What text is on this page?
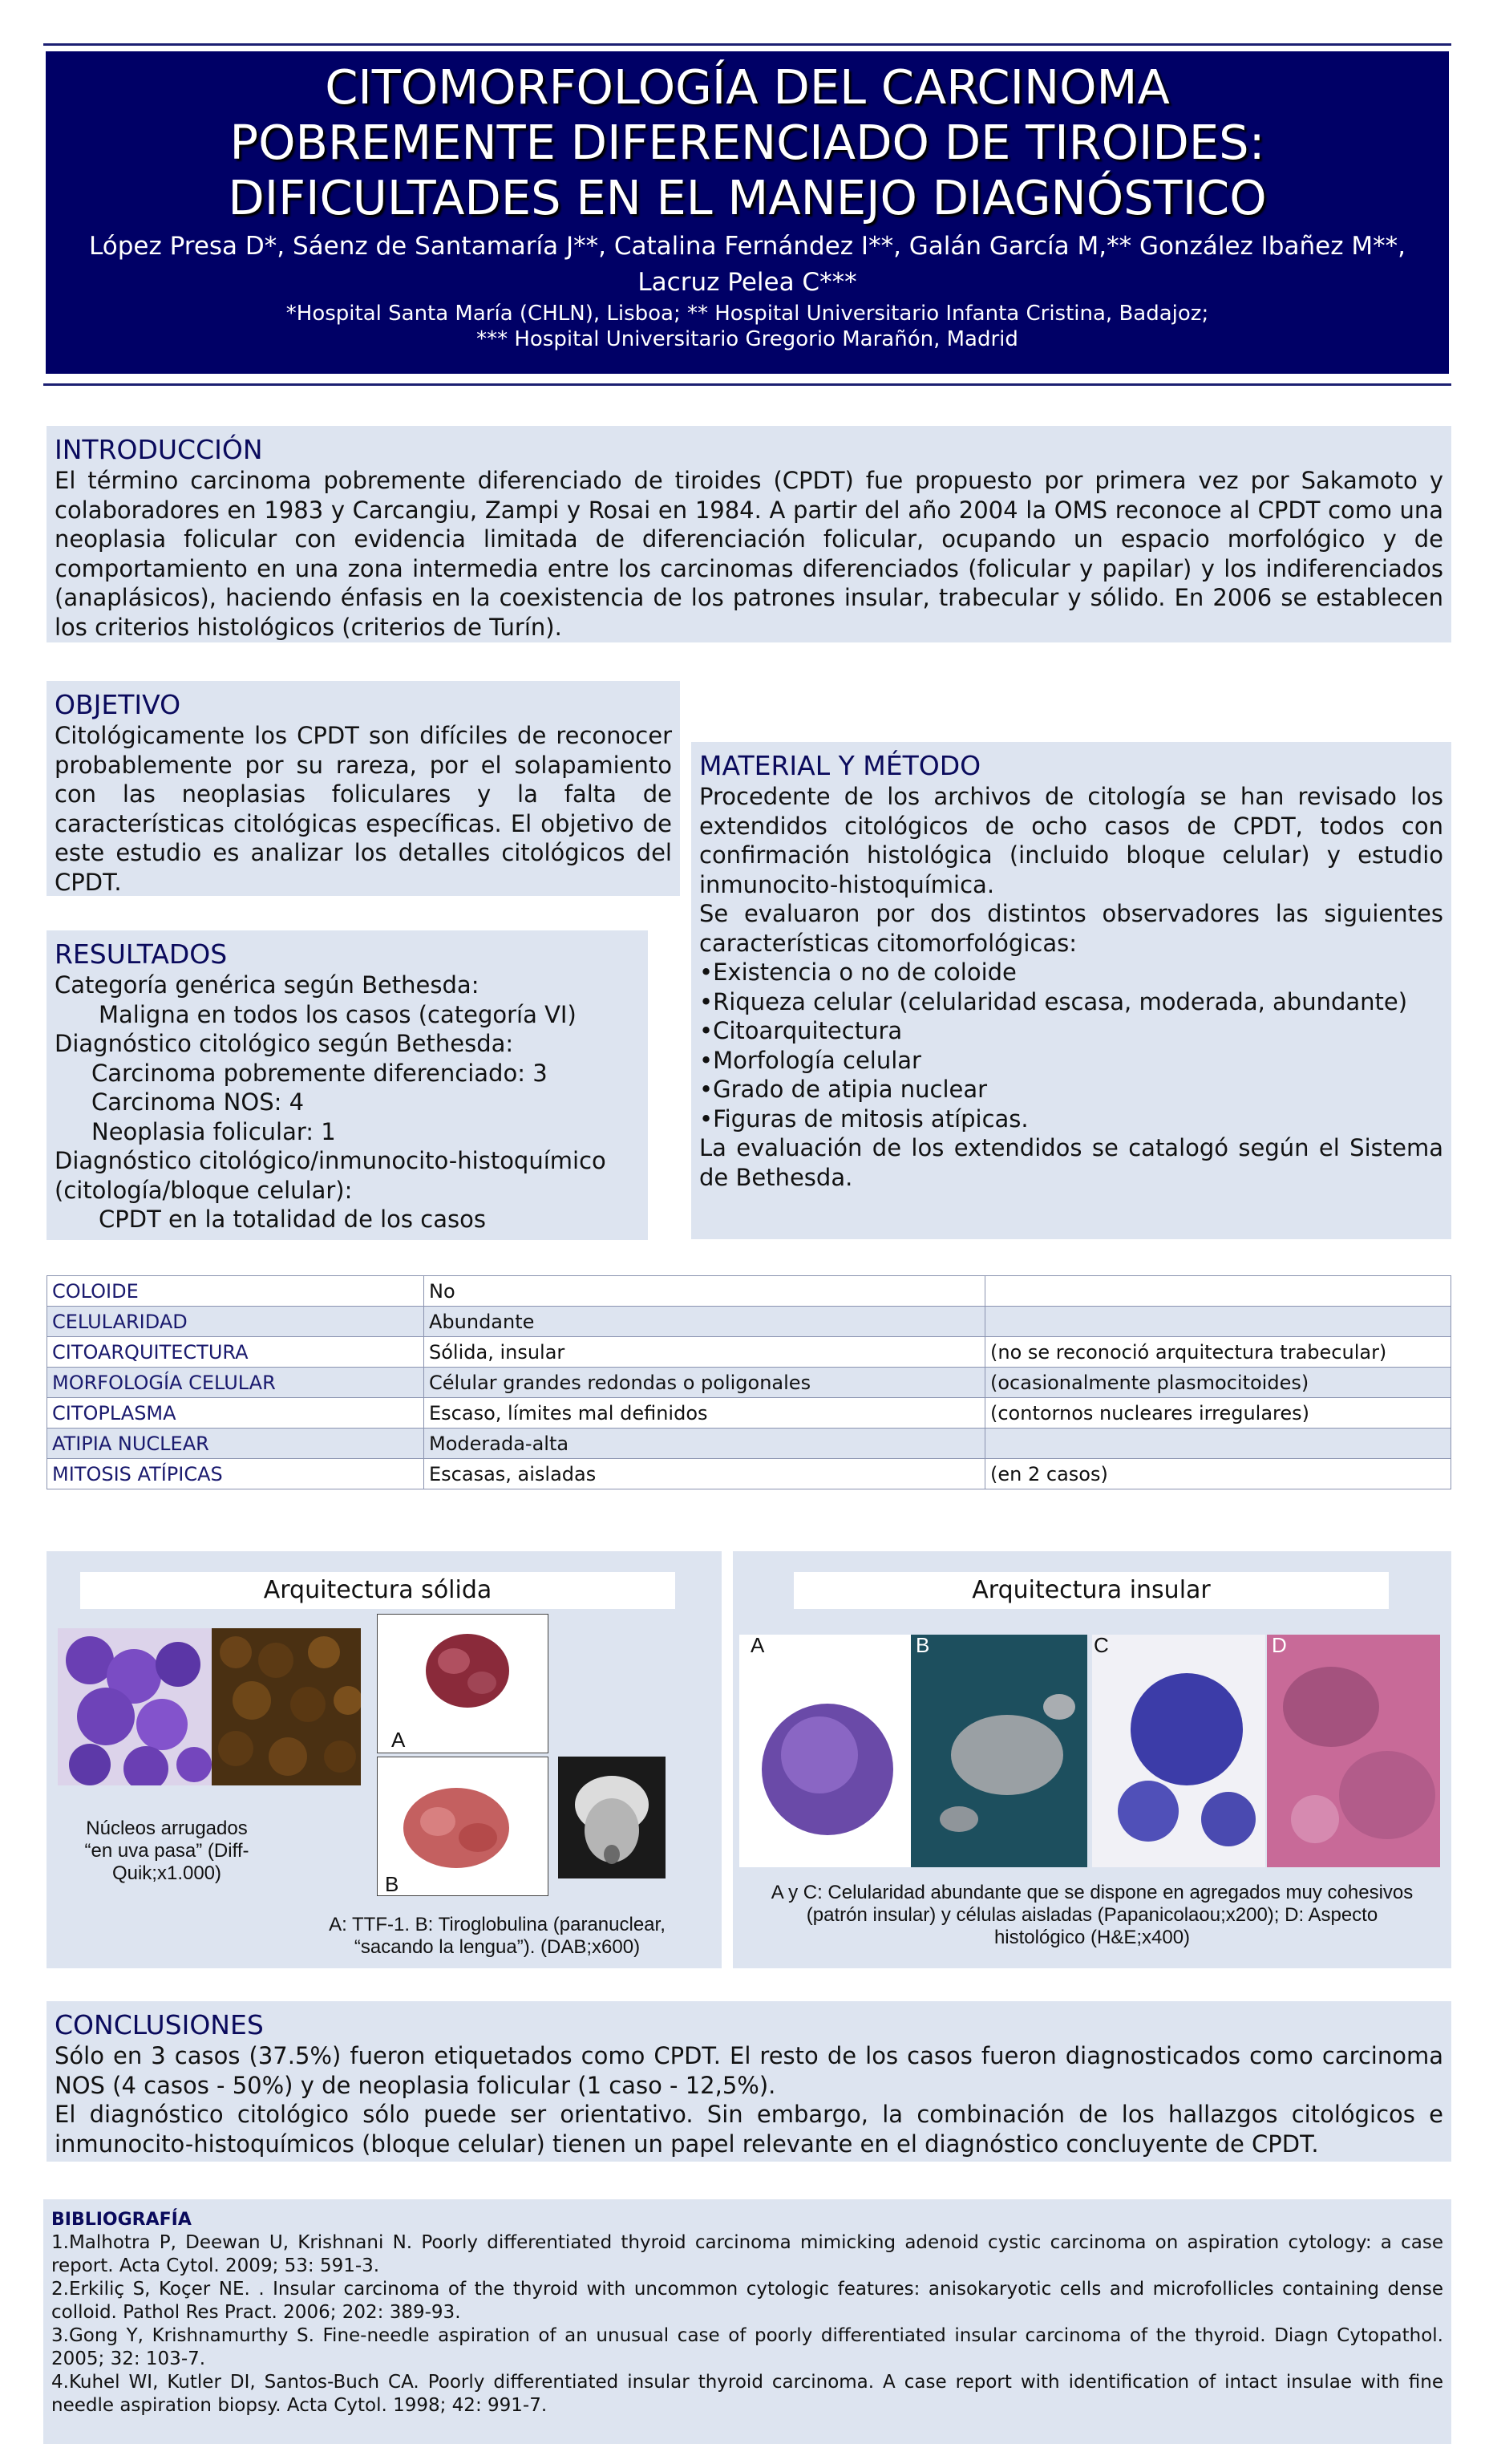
CITOMORFOLOGÍA DEL CARCINOMA
POBREMENTE DIFERENCIADO DE TIROIDES:
DIFICULTADES EN EL MANEJO DIAGNÓSTICO
López Presa D*, Sáenz de Santamaría J**, Catalina Fernández I**, Galán García M,** González Ibañez M**, Lacruz Pelea C***
*Hospital Santa María (CHLN), Lisboa; ** Hospital Universitario Infanta Cristina, Badajoz;
*** Hospital Universitario Gregorio Marañón, Madrid
INTRODUCCIÓN
El término carcinoma pobremente diferenciado de tiroides (CPDT) fue propuesto por primera vez por Sakamoto y colaboradores en 1983 y Carcangiu, Zampi y Rosai en 1984. A partir del año 2004 la OMS reconoce al CPDT como una neoplasia folicular con evidencia limitada de diferenciación folicular, ocupando un espacio morfológico y de comportamiento en una zona intermedia entre los carcinomas diferenciados (folicular y papilar) y los indiferenciados (anaplásicos), haciendo énfasis en la coexistencia de los patrones insular, trabecular y sólido. En 2006 se establecen los criterios histológicos (criterios de Turín).
OBJETIVO
Citológicamente los CPDT son difíciles de reconocer probablemente por su rareza, por el solapamiento con las neoplasias foliculares y la falta de características citológicas específicas. El objetivo de este estudio es analizar los detalles citológicos del CPDT.
RESULTADOS
Categoría genérica según Bethesda:
Maligna en todos los casos (categoría VI)
Diagnóstico citológico según Bethesda:
Carcinoma pobremente diferenciado: 3
Carcinoma NOS: 4
Neoplasia folicular: 1
Diagnóstico citológico/inmunocito-histoquímico
(citología/bloque celular):
CPDT en la totalidad de los casos
MATERIAL Y MÉTODO
Procedente de los archivos de citología se han revisado los extendidos citológicos de ocho casos de CPDT, todos con confirmación histológica (incluido bloque celular) y estudio inmunocito-histoquímica.
Se evaluaron por dos distintos observadores las siguientes características citomorfológicas:
•Existencia o no de coloide
•Riqueza celular (celularidad escasa, moderada, abundante)
•Citoarquitectura
•Morfología celular
•Grado de atipia nuclear
•Figuras de mitosis atípicas.
La evaluación de los extendidos se catalogó según el Sistema de Bethesda.
COLOIDE	No	
CELULARIDAD	Abundante	
CITOARQUITECTURA	Sólida, insular	(no se reconoció arquitectura trabecular)
MORFOLOGÍA CELULAR	Célular grandes redondas o poligonales	(ocasionalmente plasmocitoides)
CITOPLASMA	Escaso, límites mal definidos	(contornos nucleares irregulares)
ATIPIA NUCLEAR	Moderada-alta	
MITOSIS ATÍPICAS	Escasas, aisladas	(en 2 casos)
Arquitectura sólida
Núcleos arrugados “en uva pasa” (Diff-Quik;x1.000)
A
B
A: TTF-1. B: Tiroglobulina (paranuclear, “sacando la lengua”). (DAB;x600)
Arquitectura insular
A	B	C	D
A y C: Celularidad abundante que se dispone en agregados muy cohesivos (patrón insular) y células aisladas (Papanicolaou;x200); D: Aspecto histológico (H&E;x400)
CONCLUSIONES
Sólo en 3 casos (37.5%) fueron etiquetados como CPDT. El resto de los casos fueron diagnosticados como carcinoma NOS (4 casos - 50%) y de neoplasia folicular (1 caso - 12,5%).
El diagnóstico citológico sólo puede ser orientativo. Sin embargo, la combinación de los hallazgos citológicos e inmunocito-histoquímicos (bloque celular) tienen un papel relevante en el diagnóstico concluyente de CPDT.
BIBLIOGRAFÍA
1.Malhotra P, Deewan U, Krishnani N. Poorly differentiated thyroid carcinoma mimicking adenoid cystic carcinoma on aspiration cytology: a case report. Acta Cytol. 2009; 53: 591-3.
2.Erkiliç S, Koçer NE. . Insular carcinoma of the thyroid with uncommon cytologic features: anisokaryotic cells and microfollicles containing dense colloid. Pathol Res Pract. 2006; 202: 389-93.
3.Gong Y, Krishnamurthy S. Fine-needle aspiration of an unusual case of poorly differentiated insular carcinoma of the thyroid. Diagn Cytopathol. 2005; 32: 103-7.
4.Kuhel WI, Kutler DI, Santos-Buch CA. Poorly differentiated insular thyroid carcinoma. A case report with identification of intact insulae with fine needle aspiration biopsy. Acta Cytol. 1998; 42: 991-7.
